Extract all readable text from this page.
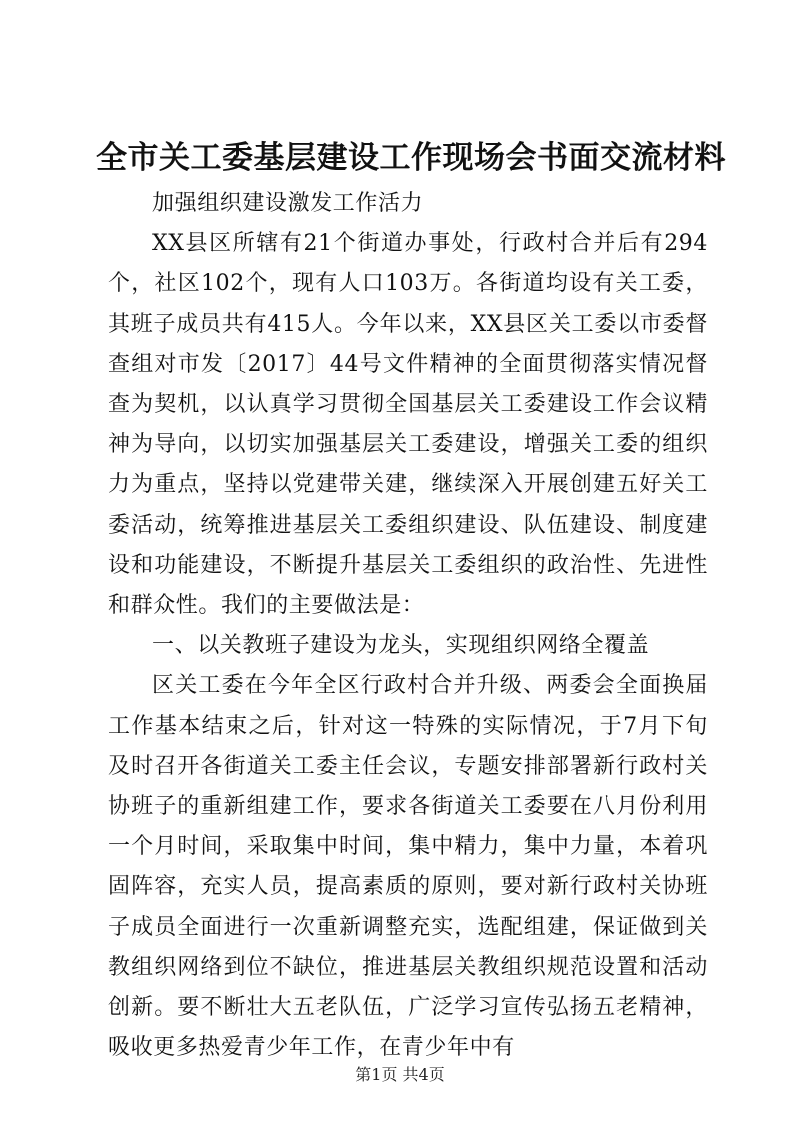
全市关工委基层建设工作现场会书面交流材料

加强组织建设激发工作活力

XX县区所辖有21个街道办事处，行政村合并后有294个，社区102个，现有人口103万。各街道均设有关工委，其班子成员共有415人。今年以来，XX县区关工委以市委督查组对市发〔2017〕44号文件精神的全面贯彻落实情况督查为契机，以认真学习贯彻全国基层关工委建设工作会议精神为导向，以切实加强基层关工委建设，增强关工委的组织力为重点，坚持以党建带关建，继续深入开展创建五好关工委活动，统筹推进基层关工委组织建设、队伍建设、制度建设和功能建设，不断提升基层关工委组织的政治性、先进性和群众性。我们的主要做法是：

一、以关教班子建设为龙头，实现组织网络全覆盖

区关工委在今年全区行政村合并升级、两委会全面换届工作基本结束之后，针对这一特殊的实际情况，于7月下旬及时召开各街道关工委主任会议，专题安排部署新行政村关协班子的重新组建工作，要求各街道关工委要在八月份利用一个月时间，采取集中时间，集中精力，集中力量，本着巩固阵容，充实人员，提高素质的原则，要对新行政村关协班子成员全面进行一次重新调整充实，选配组建，保证做到关教组织网络到位不缺位，推进基层关教组织规范设置和活动创新。要不断壮大五老队伍，广泛学习宣传弘扬五老精神，吸收更多热爱青少年工作，在青少年中有

第1页 共4页
